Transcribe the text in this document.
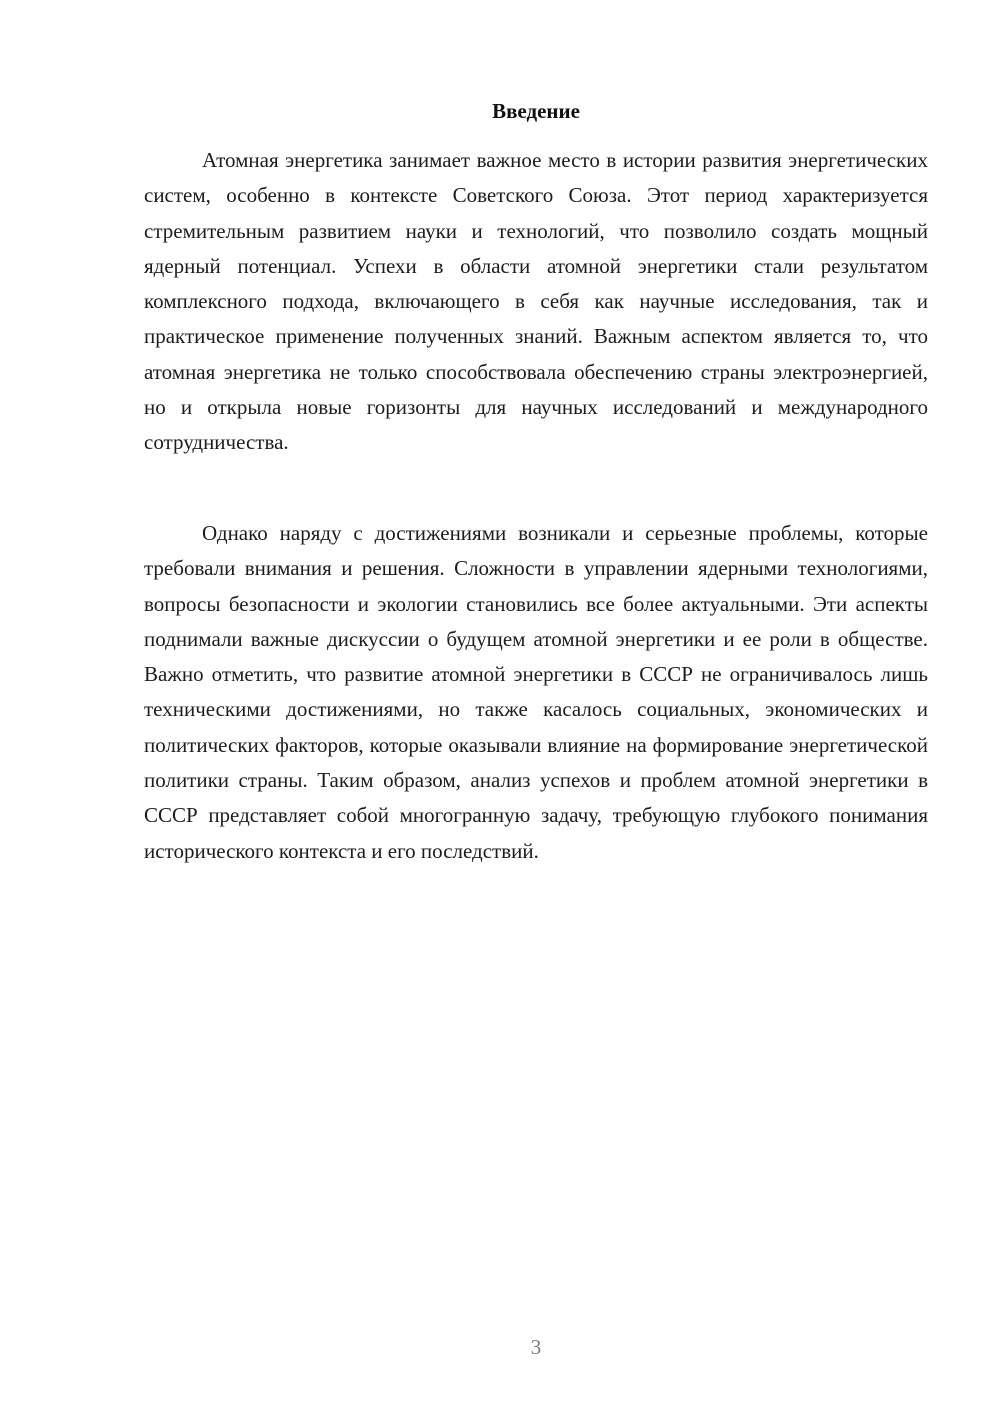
Введение

Атомная энергетика занимает важное место в истории развития энергетических систем, особенно в контексте Советского Союза. Этот период характеризуется стремительным развитием науки и технологий, что позволило создать мощный ядерный потенциал. Успехи в области атомной энергетики стали результатом комплексного подхода, включающего в себя как научные исследования, так и практическое применение полученных знаний. Важным аспектом является то, что атомная энергетика не только способствовала обеспечению страны электроэнергией, но и открыла новые горизонты для научных исследований и международного сотрудничества.

Однако наряду с достижениями возникали и серьезные проблемы, которые требовали внимания и решения. Сложности в управлении ядерными технологиями, вопросы безопасности и экологии становились все более актуальными. Эти аспекты поднимали важные дискуссии о будущем атомной энергетики и ее роли в обществе. Важно отметить, что развитие атомной энергетики в СССР не ограничивалось лишь техническими достижениями, но также касалось социальных, экономических и политических факторов, которые оказывали влияние на формирование энергетической политики страны. Таким образом, анализ успехов и проблем атомной энергетики в СССР представляет собой многогранную задачу, требующую глубокого понимания исторического контекста и его последствий.

3
